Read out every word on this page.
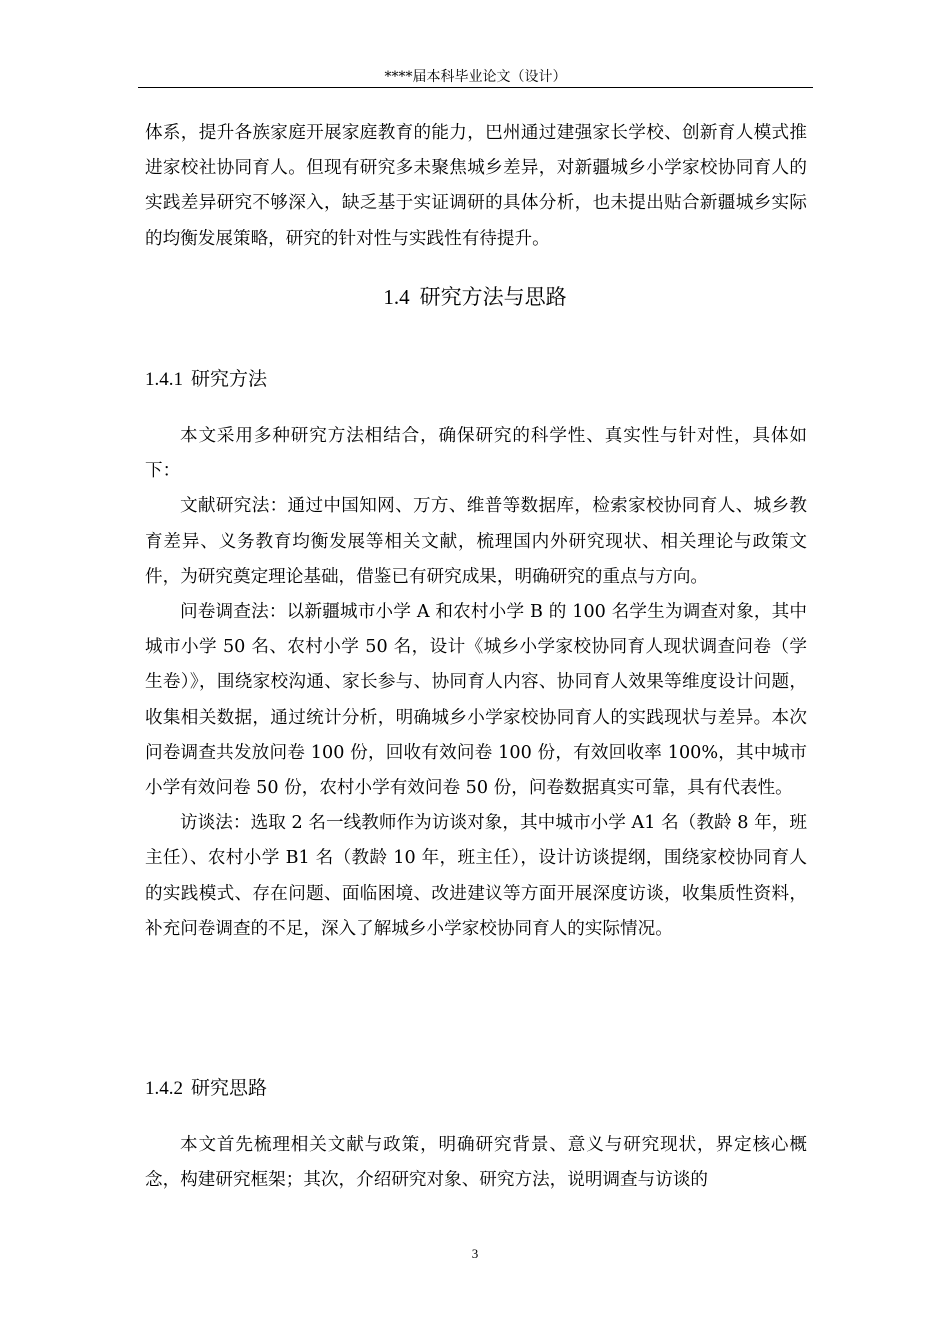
****届本科毕业论文（设计）

体系，提升各族家庭开展家庭教育的能力，巴州通过建强家长学校、创新育人模式推进家校社协同育人。但现有研究多未聚焦城乡差异，对新疆城乡小学家校协同育人的实践差异研究不够深入，缺乏基于实证调研的具体分析，也未提出贴合新疆城乡实际的均衡发展策略，研究的针对性与实践性有待提升。

1.4 研究方法与思路
1.4.1 研究方法

本文采用多种研究方法相结合，确保研究的科学性、真实性与针对性，具体如下：

文献研究法：通过中国知网、万方、维普等数据库，检索家校协同育人、城乡教育差异、义务教育均衡发展等相关文献，梳理国内外研究现状、相关理论与政策文件，为研究奠定理论基础，借鉴已有研究成果，明确研究的重点与方向。

问卷调查法：以新疆城市小学 A 和农村小学 B 的 100 名学生为调查对象，其中城市小学 50 名、农村小学 50 名，设计《城乡小学家校协同育人现状调查问卷（学生卷）》，围绕家校沟通、家长参与、协同育人内容、协同育人效果等维度设计问题，收集相关数据，通过统计分析，明确城乡小学家校协同育人的实践现状与差异。本次问卷调查共发放问卷 100 份，回收有效问卷 100 份，有效回收率 100%，其中城市小学有效问卷 50 份，农村小学有效问卷 50 份，问卷数据真实可靠，具有代表性。

访谈法：选取 2 名一线教师作为访谈对象，其中城市小学 A1 名（教龄 8 年，班主任）、农村小学 B1 名（教龄 10 年，班主任），设计访谈提纲，围绕家校协同育人的实践模式、存在问题、面临困境、改进建议等方面开展深度访谈，收集质性资料，补充问卷调查的不足，深入了解城乡小学家校协同育人的实际情况。

1.4.2 研究思路

本文首先梳理相关文献与政策，明确研究背景、意义与研究现状，界定核心概念，构建研究框架；其次，介绍研究对象、研究方法，说明调查与访谈的

3
